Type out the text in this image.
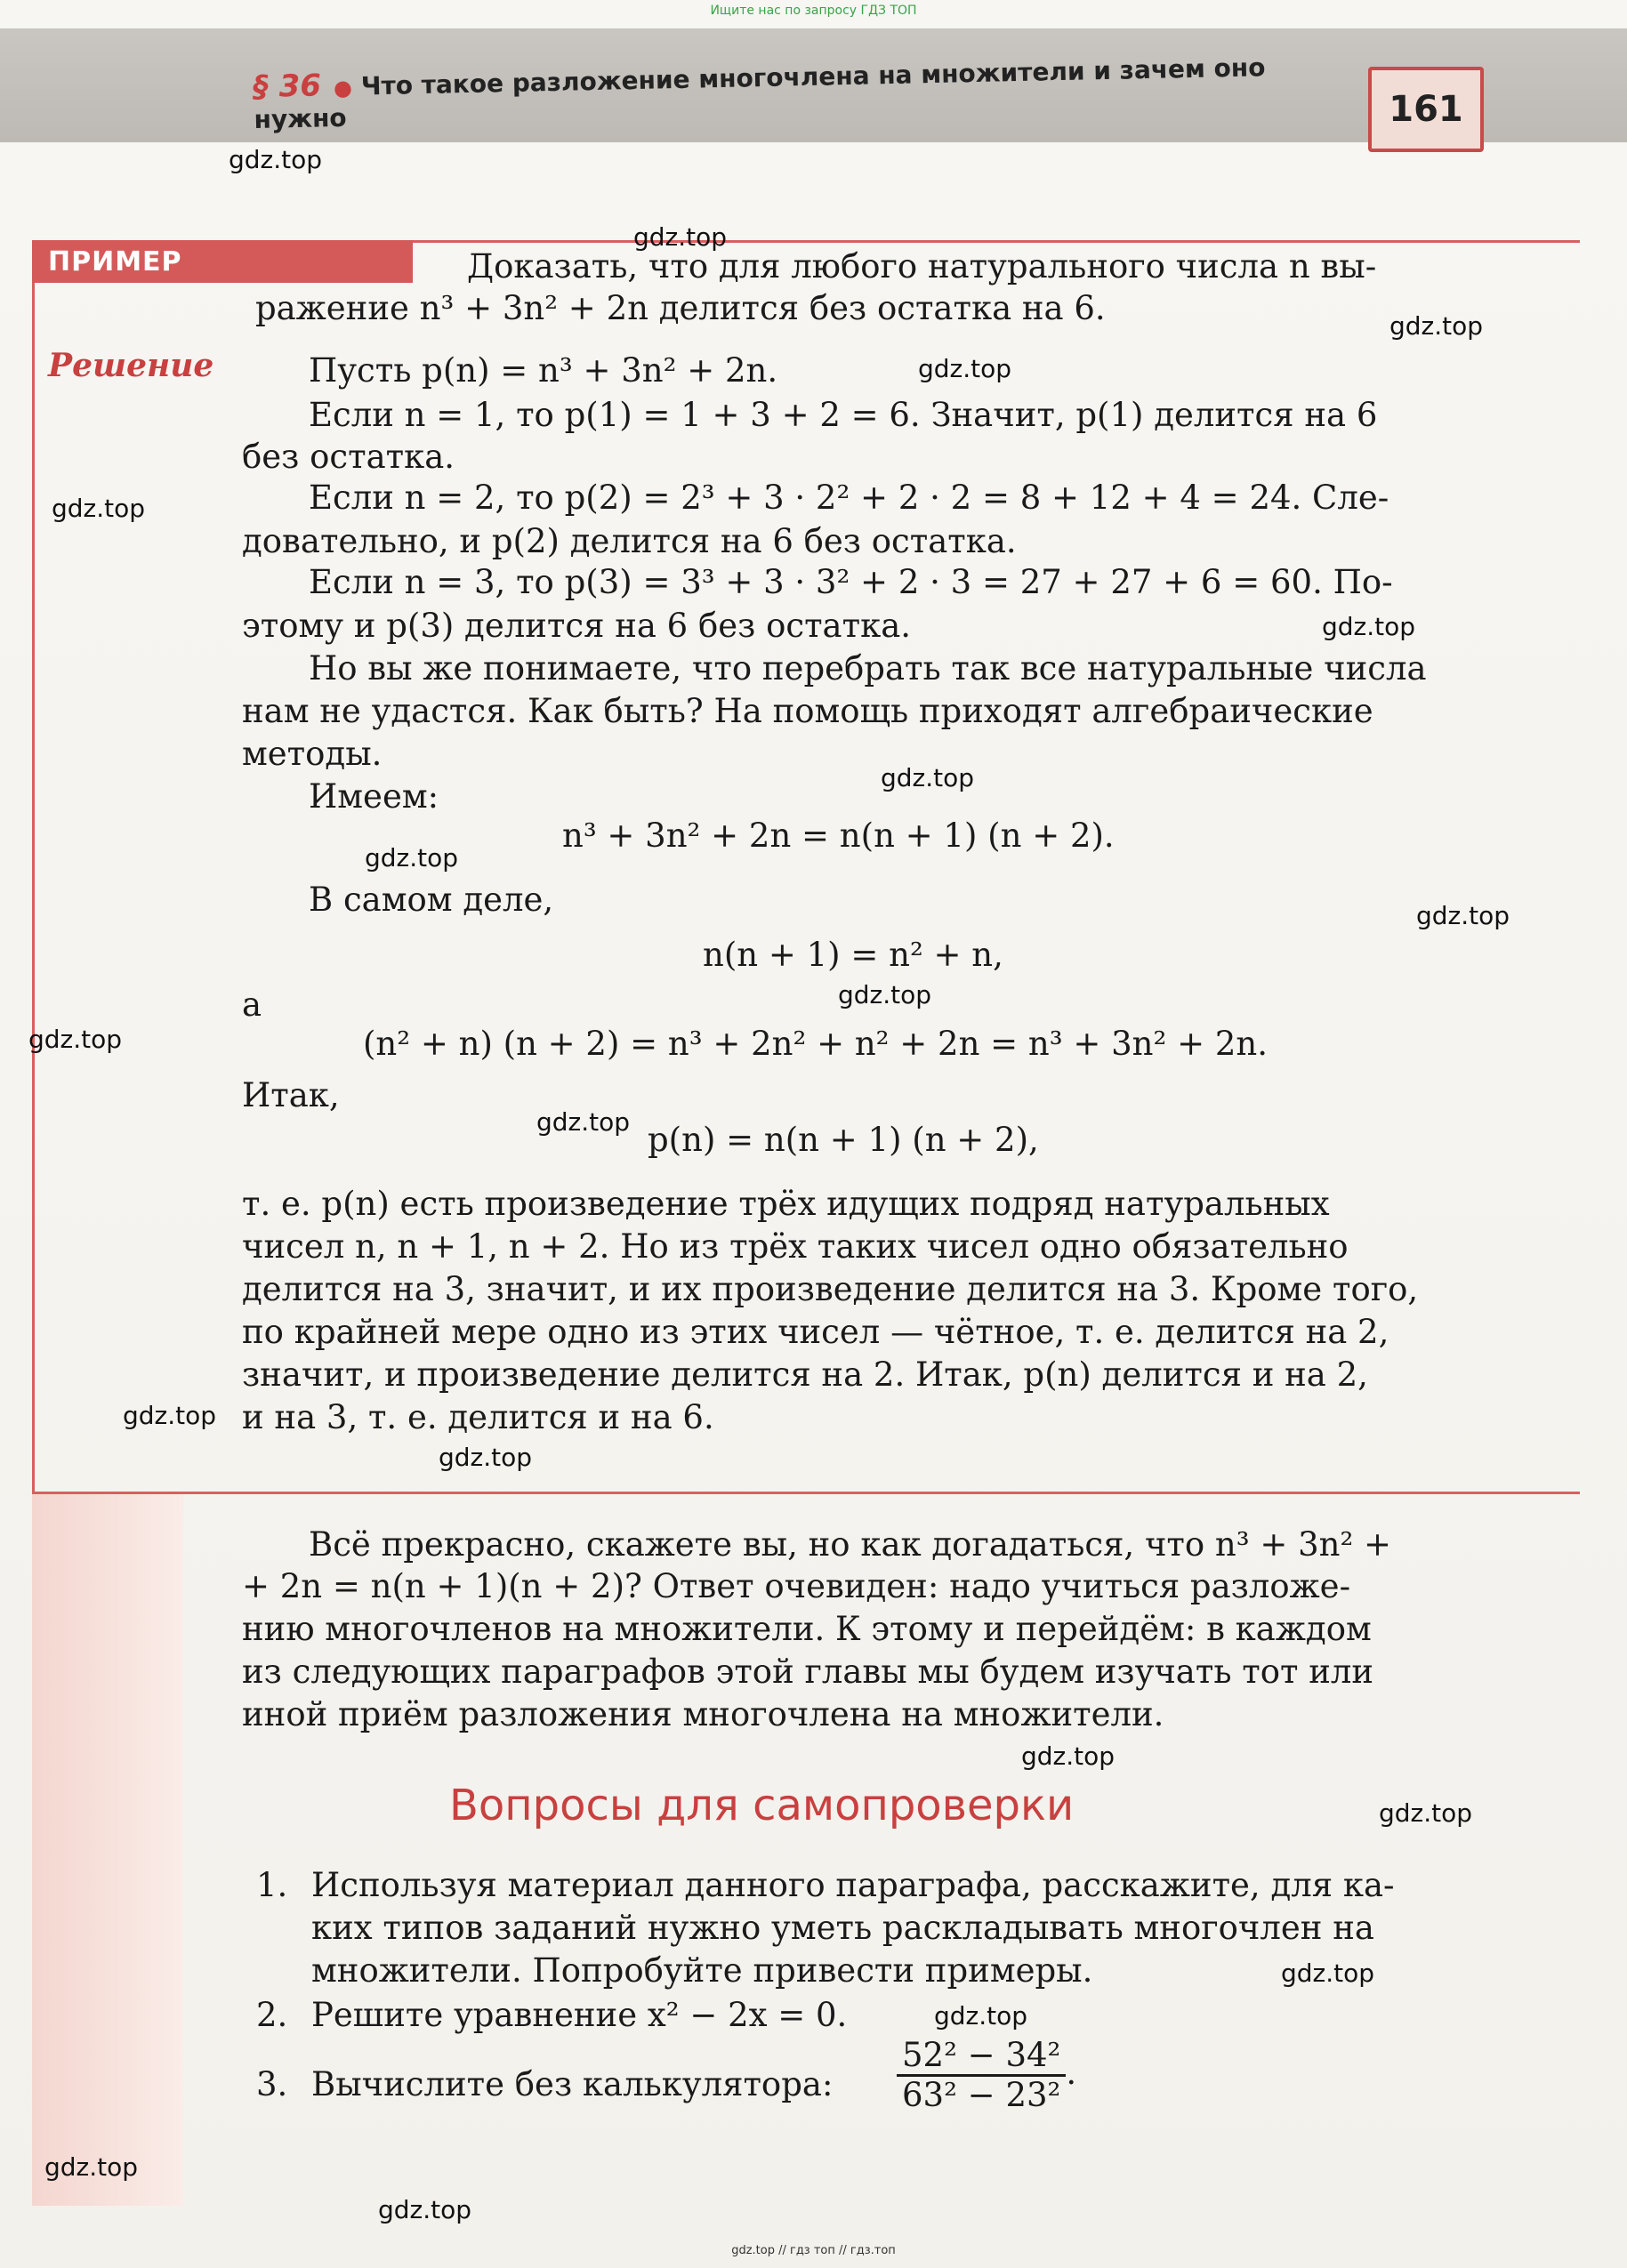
Ищите нас по запросу ГДЗ ТОП
§ 36 ● Что такое разложение многочлена на множители и зачем оно нужно	161
ПРИМЕР
Решение
Доказать, что для любого натурального числа n вы-
ражение n³ + 3n² + 2n делится без остатка на 6.
Пусть p(n) = n³ + 3n² + 2n.
Если n = 1, то p(1) = 1 + 3 + 2 = 6. Значит, p(1) делится на 6
без остатка.
Если n = 2, то p(2) = 2³ + 3 · 2² + 2 · 2 = 8 + 12 + 4 = 24. Сле-
довательно, и p(2) делится на 6 без остатка.
Если n = 3, то p(3) = 3³ + 3 · 3² + 2 · 3 = 27 + 27 + 6 = 60. По-
этому и p(3) делится на 6 без остатка.
Но вы же понимаете, что перебрать так все натуральные числа
нам не удастся. Как быть? На помощь приходят алгебраические
методы.
Имеем:
n³ + 3n² + 2n = n(n + 1) (n + 2).
В самом деле,
n(n + 1) = n² + n,
а
(n² + n) (n + 2) = n³ + 2n² + n² + 2n = n³ + 3n² + 2n.
Итак,
p(n) = n(n + 1) (n + 2),
т. е. p(n) есть произведение трёх идущих подряд натуральных
чисел n, n + 1, n + 2. Но из трёх таких чисел одно обязательно
делится на 3, значит, и их произведение делится на 3. Кроме того,
по крайней мере одно из этих чисел — чётное, т. е. делится на 2,
значит, и произведение делится на 2. Итак, p(n) делится и на 2,
и на 3, т. е. делится и на 6.
Всё прекрасно, скажете вы, но как догадаться, что n³ + 3n² +
+ 2n = n(n + 1)(n + 2)? Ответ очевиден: надо учиться разложе-
нию многочленов на множители. К этому и перейдём: в каждом
из следующих параграфов этой главы мы будем изучать тот или
иной приём разложения многочлена на множители.
Вопросы для самопроверки
1. Используя материал данного параграфа, расскажите, для ка-
ких типов заданий нужно уметь раскладывать многочлен на
множители. Попробуйте привести примеры.
2. Решите уравнение x² − 2x = 0.
3. Вычислите без калькулятора: $\frac{\text{52² − 34²}}{\text{63² − 23²}}$ .
gdz.top
gdz.top
gdz.top
gdz.top
gdz.top
gdz.top
gdz.top
gdz.top
gdz.top
gdz.top
gdz.top
gdz.top
gdz.top
gdz.top
gdz.top
gdz.top
gdz.top
gdz.top
gdz.top
gdz.top
gdz.top // гдз топ // гдз.топ
